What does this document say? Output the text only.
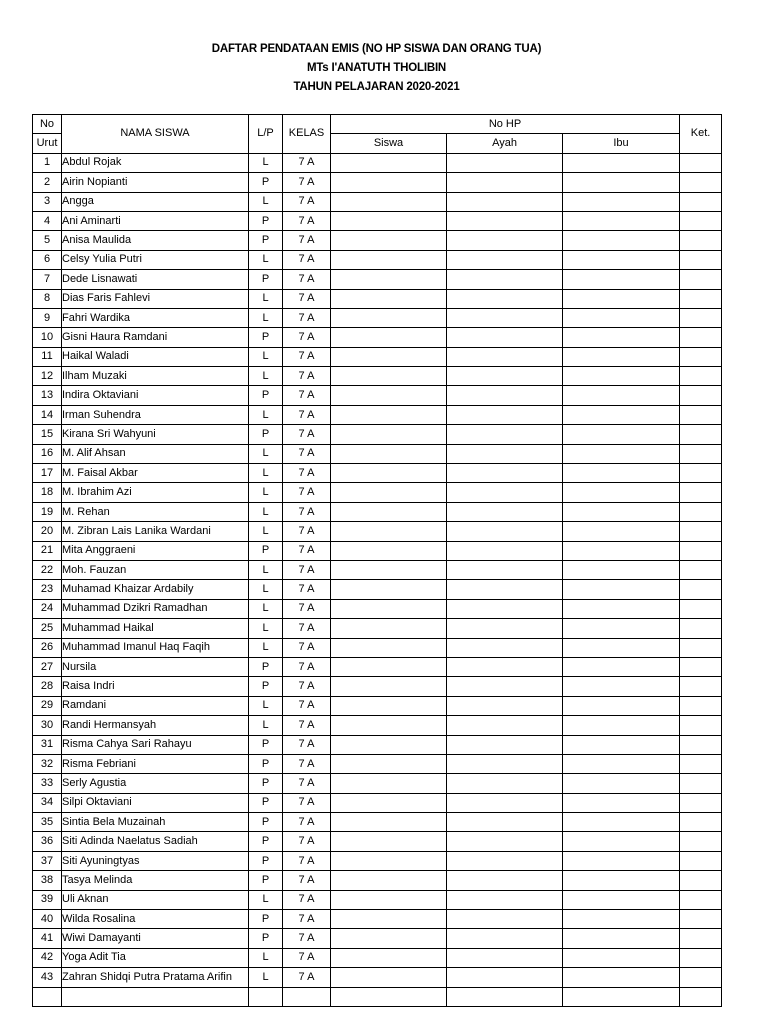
DAFTAR PENDATAAN EMIS (NO HP SISWA DAN ORANG TUA)
MTs I'ANATUTH THOLIBIN
TAHUN PELAJARAN 2020-2021
No	NAMA SISWA	L/P	KELAS	No HP			Ket.
Urut				Siswa	Ayah	Ibu	
1	Abdul Rojak	L	7 A				
2	Airin Nopianti	P	7 A				
3	Angga	L	7 A				
4	Ani Aminarti	P	7 A				
5	Anisa Maulida	P	7 A				
6	Celsy Yulia Putri	L	7 A				
7	Dede Lisnawati	P	7 A				
8	Dias Faris Fahlevi	L	7 A				
9	Fahri Wardika	L	7 A				
10	Gisni Haura Ramdani	P	7 A				
11	Haikal Waladi	L	7 A				
12	Ilham Muzaki	L	7 A				
13	Indira Oktaviani	P	7 A				
14	Irman Suhendra	L	7 A				
15	Kirana Sri Wahyuni	P	7 A				
16	M. Alif Ahsan	L	7 A				
17	M. Faisal Akbar	L	7 A				
18	M. Ibrahim Azi	L	7 A				
19	M. Rehan	L	7 A				
20	M. Zibran Lais Lanika Wardani	L	7 A				
21	Mita Anggraeni	P	7 A				
22	Moh. Fauzan	L	7 A				
23	Muhamad Khaizar Ardabily	L	7 A				
24	Muhammad Dzikri Ramadhan	L	7 A				
25	Muhammad Haikal	L	7 A				
26	Muhammad Imanul Haq Faqih	L	7 A				
27	Nursila	P	7 A				
28	Raisa Indri	P	7 A				
29	Ramdani	L	7 A				
30	Randi Hermansyah	L	7 A				
31	Risma Cahya Sari Rahayu	P	7 A				
32	Risma Febriani	P	7 A				
33	Serly Agustia	P	7 A				
34	Silpi Oktaviani	P	7 A				
35	Sintia Bela Muzainah	P	7 A				
36	Siti Adinda Naelatus Sadiah	P	7 A				
37	Siti Ayuningtyas	P	7 A				
38	Tasya Melinda	P	7 A				
39	Uli Aknan	L	7 A				
40	Wilda Rosalina	P	7 A				
41	Wiwi Damayanti	P	7 A				
42	Yoga Adit Tia	L	7 A				
43	Zahran Shidqi Putra Pratama Arifin	L	7 A				
